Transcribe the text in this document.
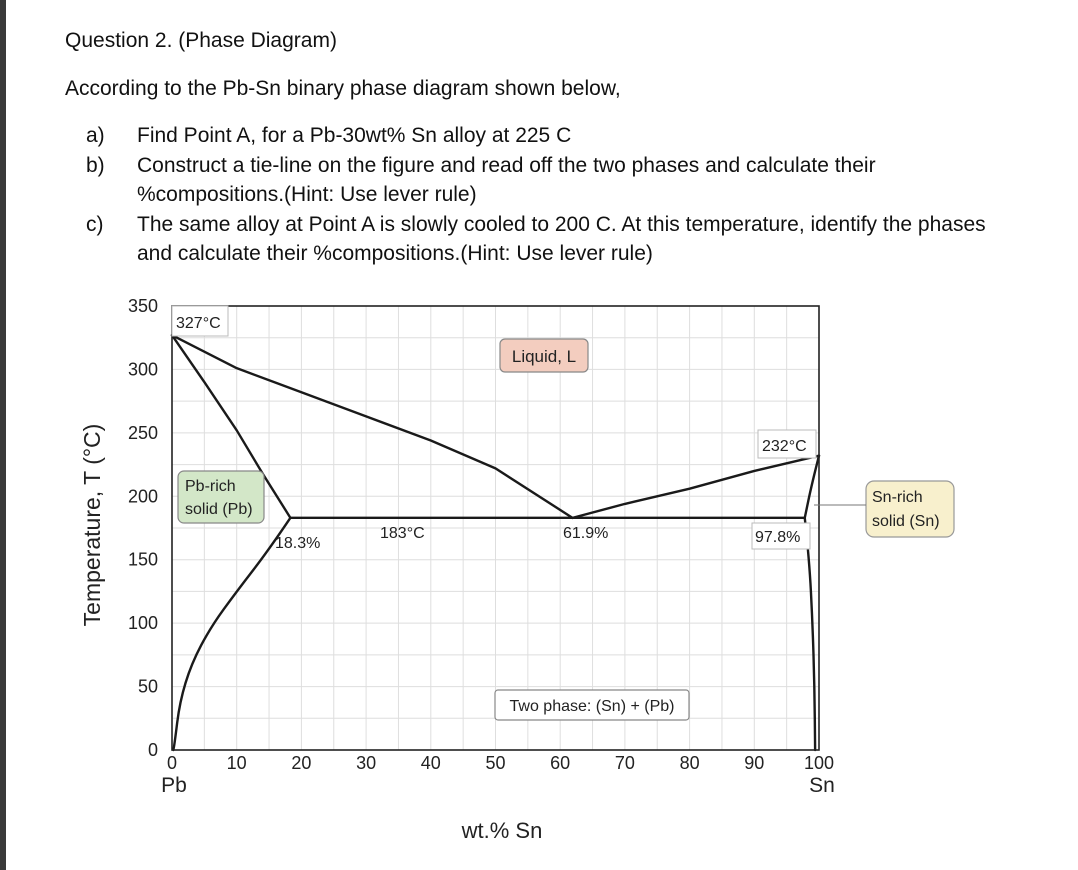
Question 2. (Phase Diagram)
According to the Pb-Sn binary phase diagram shown below,
a) Find Point A, for a Pb-30wt% Sn alloy at 225 C
b) Construct a tie-line on the figure and read off the two phases and calculate their %compositions.(Hint: Use lever rule)
c) The same alloy at Point A is slowly cooled to 200 C. At this temperature, identify the phases and calculate their %compositions.(Hint: Use lever rule)
0	10 20 30 40 50 60 70 80 90 100
0
50
100
150
200
250
300
350
Temperature, T (°C)
wt.% Sn
Pb	Sn
Liquid, L
Pb-rich
solid (Pb)
Sn-rich
solid (Sn)
Two phase: (Sn) + (Pb)
327°C
232°C
183°C
18.3%
61.9%	97.8%
